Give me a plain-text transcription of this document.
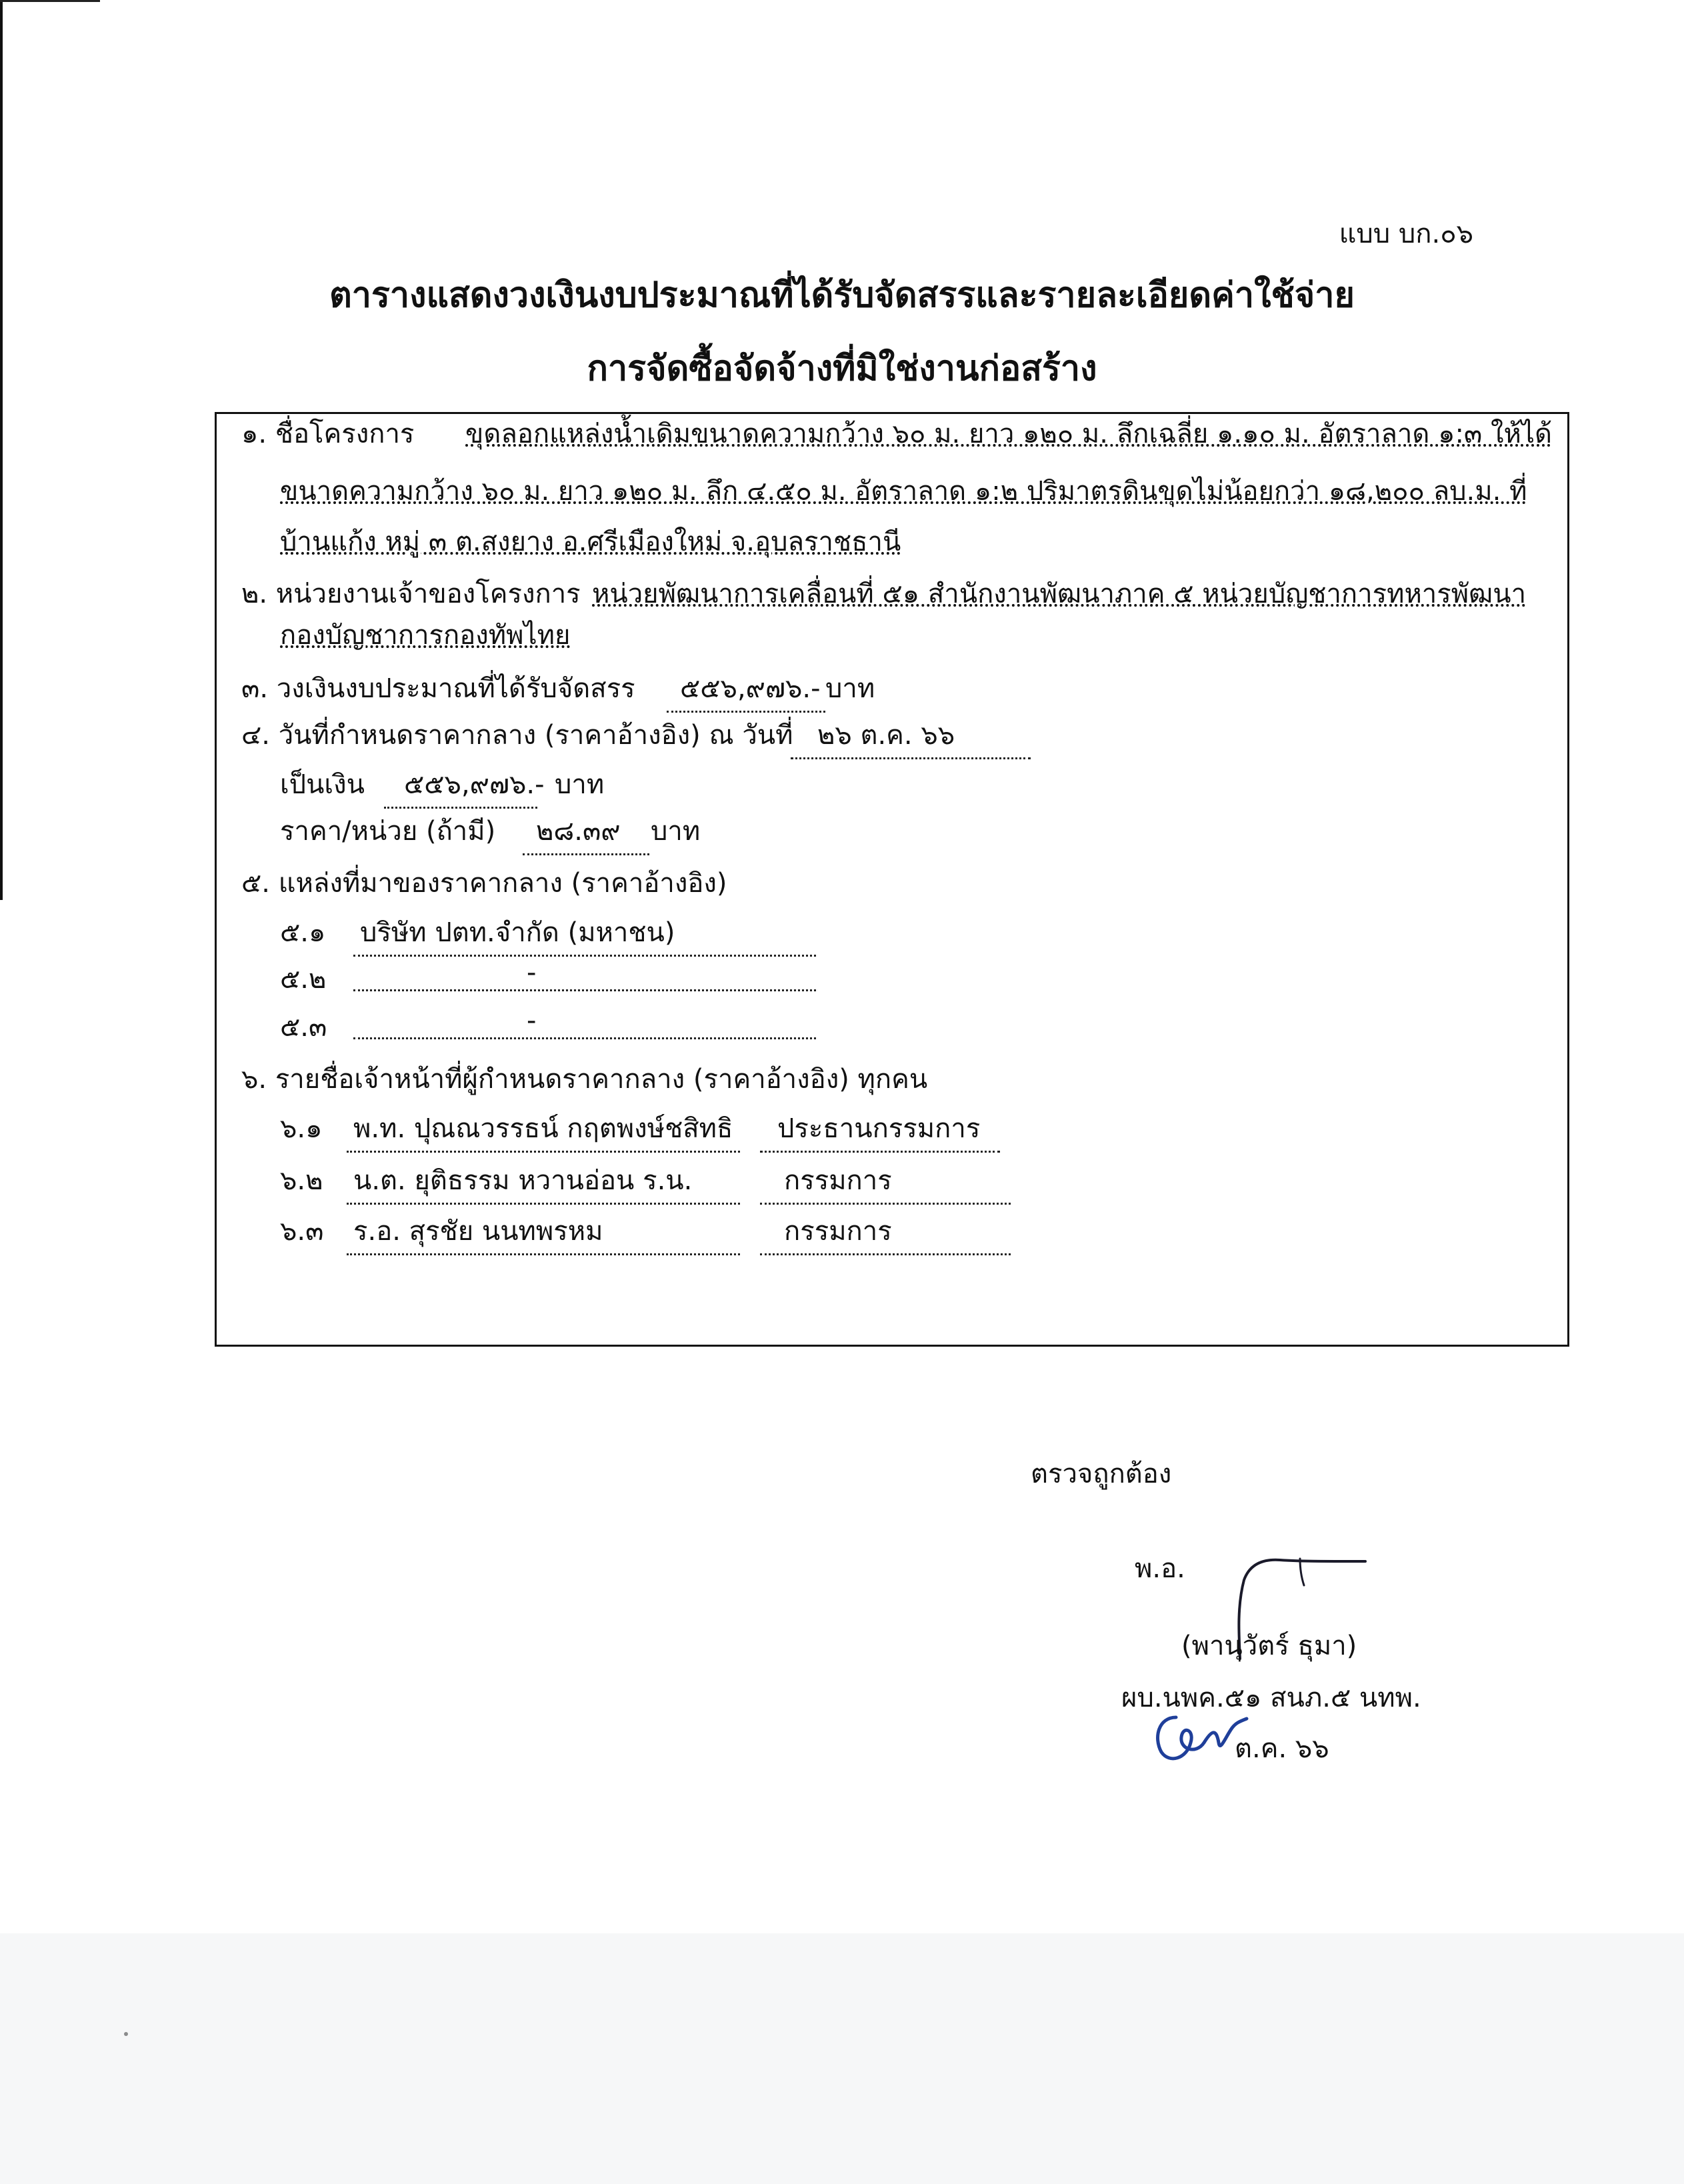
แบบ บก.๐๖
ตารางแสดงวงเงินงบประมาณที่ได้รับจัดสรรและรายละเอียดค่าใช้จ่าย
การจัดซื้อจัดจ้างที่มิใช่งานก่อสร้าง
๑. ชื่อโครงการ ขุดลอกแหล่งน้ำเดิมขนาดความกว้าง ๖๐ ม. ยาว ๑๒๐ ม. ลึกเฉลี่ย ๑.๑๐ ม. อัตราลาด ๑:๓ ให้ได้
ขนาดความกว้าง ๖๐ ม. ยาว ๑๒๐ ม. ลึก ๔.๕๐ ม. อัตราลาด ๑:๒ ปริมาตรดินขุดไม่น้อยกว่า ๑๘,๒๐๐ ลบ.ม. ที่
บ้านแก้ง หมู่ ๓ ต.สงยาง อ.ศรีเมืองใหม่ จ.อุบลราชธานี
๒. หน่วยงานเจ้าของโครงการ หน่วยพัฒนาการเคลื่อนที่ ๕๑ สำนักงานพัฒนาภาค ๕ หน่วยบัญชาการทหารพัฒนา
กองบัญชาการกองทัพไทย
๓. วงเงินงบประมาณที่ได้รับจัดสรร	๕๕๖,๙๗๖.- บาท
๔. วันที่กำหนดราคากลาง (ราคาอ้างอิง) ณ วันที่ ๒๖ ต.ค. ๖๖
เป็นเงิน	๕๕๖,๙๗๖.- บาท
ราคา/หน่วย (ถ้ามี)	๒๘.๓๙	บาท
๕. แหล่งที่มาของราคากลาง (ราคาอ้างอิง)
๕.๑ บริษัท ปตท.จำกัด (มหาชน)
๕.๒	-
๕.๓	-
๖. รายชื่อเจ้าหน้าที่ผู้กำหนดราคากลาง (ราคาอ้างอิง) ทุกคน
๖.๑ พ.ท. ปุณณวรรธน์ กฤตพงษ์ชสิทธิ	ประธานกรรมการ
๖.๒ น.ต. ยุติธรรม หวานอ่อน ร.น.	กรรมการ
๖.๓ ร.อ. สุรชัย นนทพรหม	กรรมการ
ตรวจถูกต้อง
พ.อ.
(พานุวัตร์ ธุมา)
ผบ.นพค.๕๑ สนภ.๕ นทพ.
ต.ค. ๖๖
